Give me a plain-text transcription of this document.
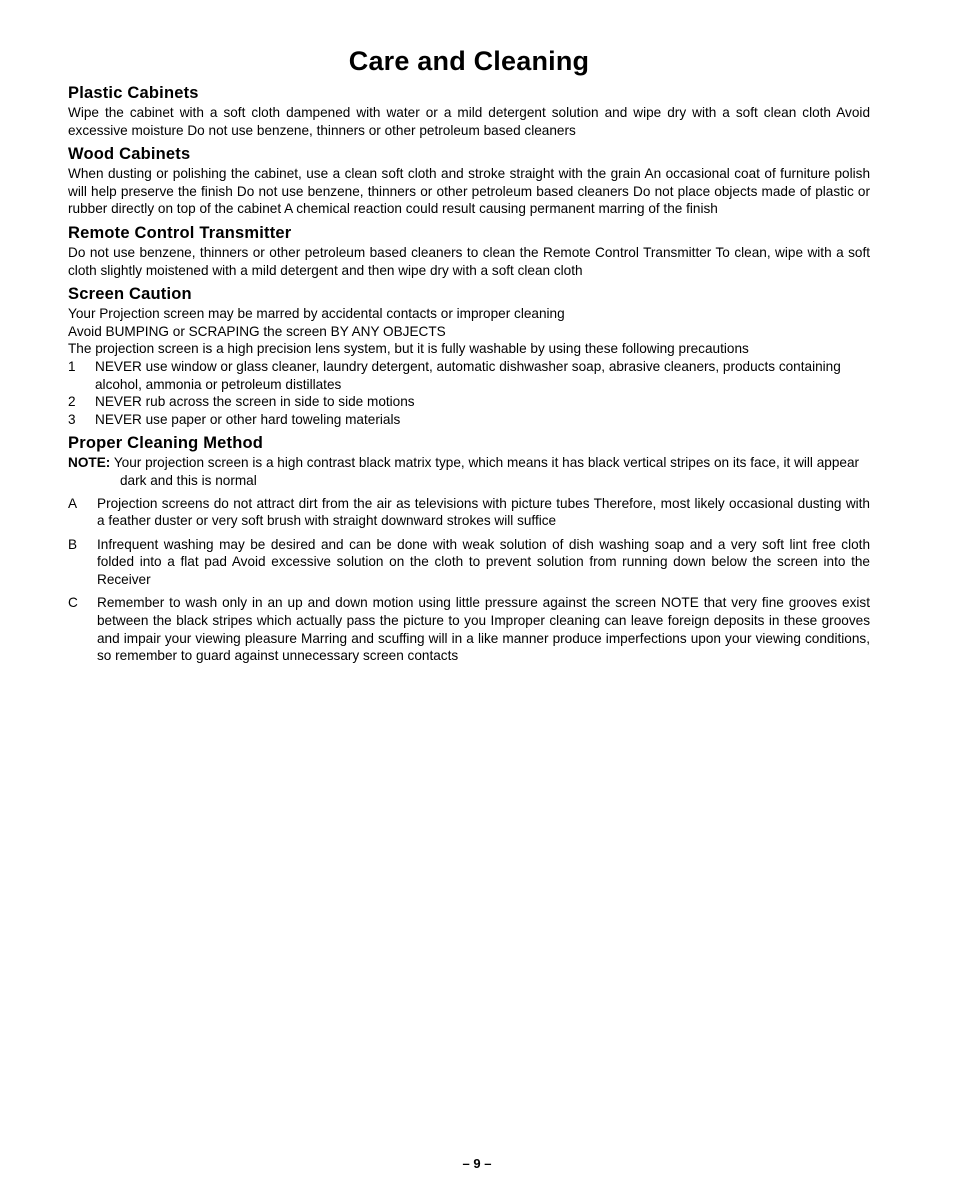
Care and Cleaning
Plastic Cabinets

Wipe the cabinet with a soft cloth dampened with water or a mild detergent solution and wipe dry with a soft clean cloth Avoid excessive moisture Do not use benzene, thinners or other petroleum based cleaners

Wood Cabinets

When dusting or polishing the cabinet, use a clean soft cloth and stroke straight with the grain An occasional coat of furniture polish will help preserve the finish Do not use benzene, thinners or other petroleum based cleaners Do not place objects made of plastic or rubber directly on top of the cabinet A chemical reaction could result causing permanent marring of the finish

Remote Control Transmitter

Do not use benzene, thinners or other petroleum based cleaners to clean the Remote Control Transmitter To clean, wipe with a soft cloth slightly moistened with a mild detergent and then wipe dry with a soft clean cloth

Screen Caution

Your Projection screen may be marred by accidental contacts or improper cleaning

Avoid BUMPING or SCRAPING the screen BY ANY OBJECTS

The projection screen is a high precision lens system, but it is fully washable by using these following precautions

1	NEVER use window or glass cleaner, laundry detergent, automatic dishwasher soap, abrasive cleaners, products containing alcohol, ammonia or petroleum distillates
2	NEVER rub across the screen in side to side motions
3	NEVER use paper or other hard toweling materials
Proper Cleaning Method

NOTE: Your projection screen is a high contrast black matrix type, which means it has black vertical stripes on its face, it will appear dark and this is normal

A	Projection screens do not attract dirt from the air as televisions with picture tubes Therefore, most likely occasional dusting with a feather duster or very soft brush with straight downward strokes will suffice
B	Infrequent washing may be desired and can be done with weak solution of dish washing soap and a very soft lint free cloth folded into a flat pad Avoid excessive solution on the cloth to prevent solution from running down below the screen into the Receiver
C	Remember to wash only in an up and down motion using little pressure against the screen NOTE that very fine grooves exist between the black stripes which actually pass the picture to you Improper cleaning can leave foreign deposits in these grooves and impair your viewing pleasure Marring and scuffing will in a like manner produce imperfections upon your viewing conditions, so remember to guard against unnecessary screen contacts
– 9 –
